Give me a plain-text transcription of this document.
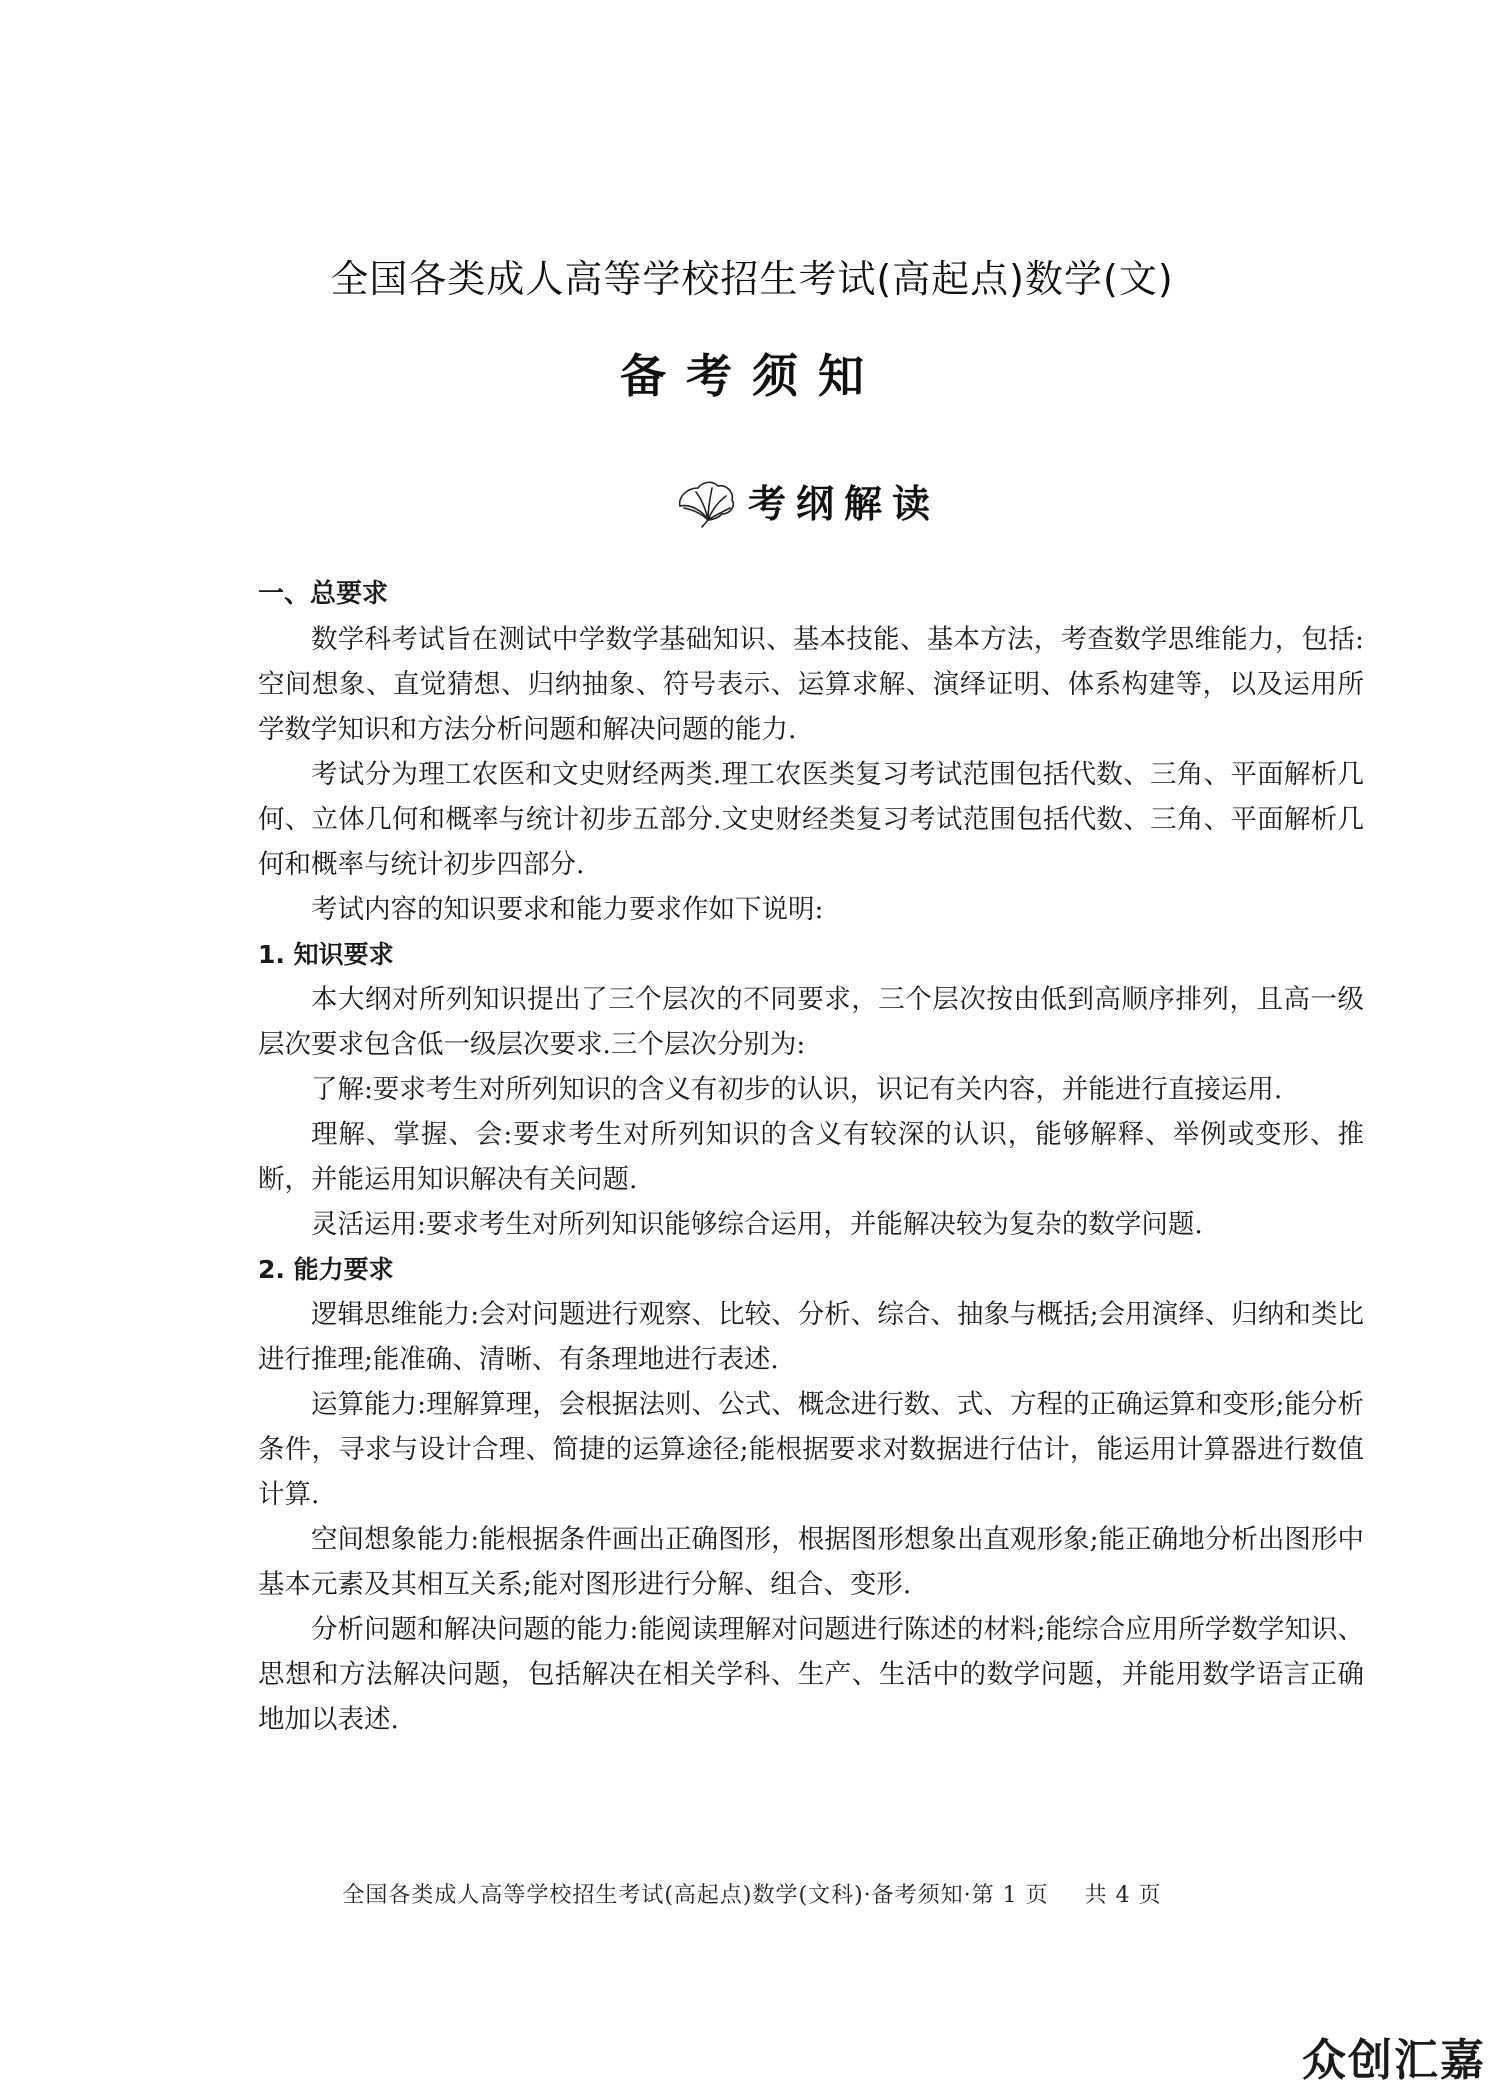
全国各类成人高等学校招生考试(高起点)数学(文)
备考须知
考纲解读

一、总要求

数学科考试旨在测试中学数学基础知识、基本技能、基本方法，考查数学思维能力，包括:空间想象、直觉猜想、归纳抽象、符号表示、运算求解、演绎证明、体系构建等，以及运用所学数学知识和方法分析问题和解决问题的能力.

考试分为理工农医和文史财经两类.理工农医类复习考试范围包括代数、三角、平面解析几何、立体几何和概率与统计初步五部分.文史财经类复习考试范围包括代数、三角、平面解析几何和概率与统计初步四部分.

考试内容的知识要求和能力要求作如下说明:

1. 知识要求

本大纲对所列知识提出了三个层次的不同要求，三个层次按由低到高顺序排列，且高一级层次要求包含低一级层次要求.三个层次分别为:

了解:要求考生对所列知识的含义有初步的认识，识记有关内容，并能进行直接运用.

理解、掌握、会:要求考生对所列知识的含义有较深的认识，能够解释、举例或变形、推断，并能运用知识解决有关问题.

灵活运用:要求考生对所列知识能够综合运用，并能解决较为复杂的数学问题.

2. 能力要求

逻辑思维能力:会对问题进行观察、比较、分析、综合、抽象与概括;会用演绎、归纳和类比进行推理;能准确、清晰、有条理地进行表述.

运算能力:理解算理，会根据法则、公式、概念进行数、式、方程的正确运算和变形;能分析条件，寻求与设计合理、简捷的运算途径;能根据要求对数据进行估计，能运用计算器进行数值计算.

空间想象能力:能根据条件画出正确图形，根据图形想象出直观形象;能正确地分析出图形中基本元素及其相互关系;能对图形进行分解、组合、变形.

分析问题和解决问题的能力:能阅读理解对问题进行陈述的材料;能综合应用所学数学知识、思想和方法解决问题，包括解决在相关学科、生产、生活中的数学问题，并能用数学语言正确地加以表述.

全国各类成人高等学校招生考试(高起点)数学(文科)·备考须知·第 1 页 共 4 页
众创汇嘉
